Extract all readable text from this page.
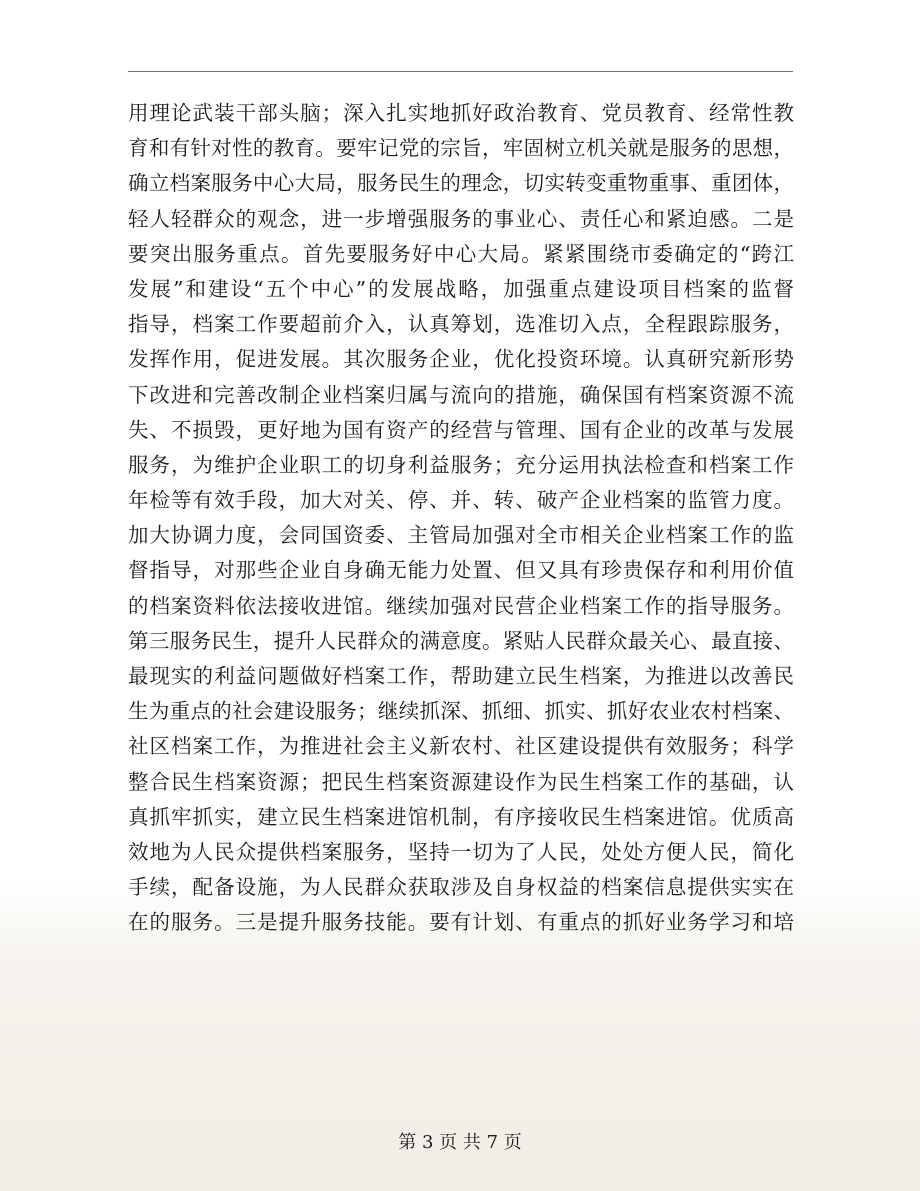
用理论武装干部头脑；深入扎实地抓好政治教育、党员教育、经常性教
育和有针对性的教育。要牢记党的宗旨，牢固树立机关就是服务的思想，
确立档案服务中心大局，服务民生的理念，切实转变重物重事、重团体，
轻人轻群众的观念，进一步增强服务的事业心、责任心和紧迫感。二是
要突出服务重点。首先要服务好中心大局。紧紧围绕市委确定的“跨江
发展”和建设“五个中心”的发展战略，加强重点建设项目档案的监督
指导，档案工作要超前介入，认真筹划，选准切入点，全程跟踪服务，
发挥作用，促进发展。其次服务企业，优化投资环境。认真研究新形势
下改进和完善改制企业档案归属与流向的措施，确保国有档案资源不流
失、不损毁，更好地为国有资产的经营与管理、国有企业的改革与发展
服务，为维护企业职工的切身利益服务；充分运用执法检查和档案工作
年检等有效手段，加大对关、停、并、转、破产企业档案的监管力度。
加大协调力度，会同国资委、主管局加强对全市相关企业档案工作的监
督指导，对那些企业自身确无能力处置、但又具有珍贵保存和利用价值
的档案资料依法接收进馆。继续加强对民营企业档案工作的指导服务。
第三服务民生，提升人民群众的满意度。紧贴人民群众最关心、最直接、
最现实的利益问题做好档案工作，帮助建立民生档案，为推进以改善民
生为重点的社会建设服务；继续抓深、抓细、抓实、抓好农业农村档案、
社区档案工作，为推进社会主义新农村、社区建设提供有效服务；科学
整合民生档案资源；把民生档案资源建设作为民生档案工作的基础，认
真抓牢抓实，建立民生档案进馆机制，有序接收民生档案进馆。优质高
效地为人民众提供档案服务，坚持一切为了人民，处处方便人民，简化
手续，配备设施，为人民群众获取涉及自身权益的档案信息提供实实在
在的服务。三是提升服务技能。要有计划、有重点的抓好业务学习和培
第 3 页 共 7 页
